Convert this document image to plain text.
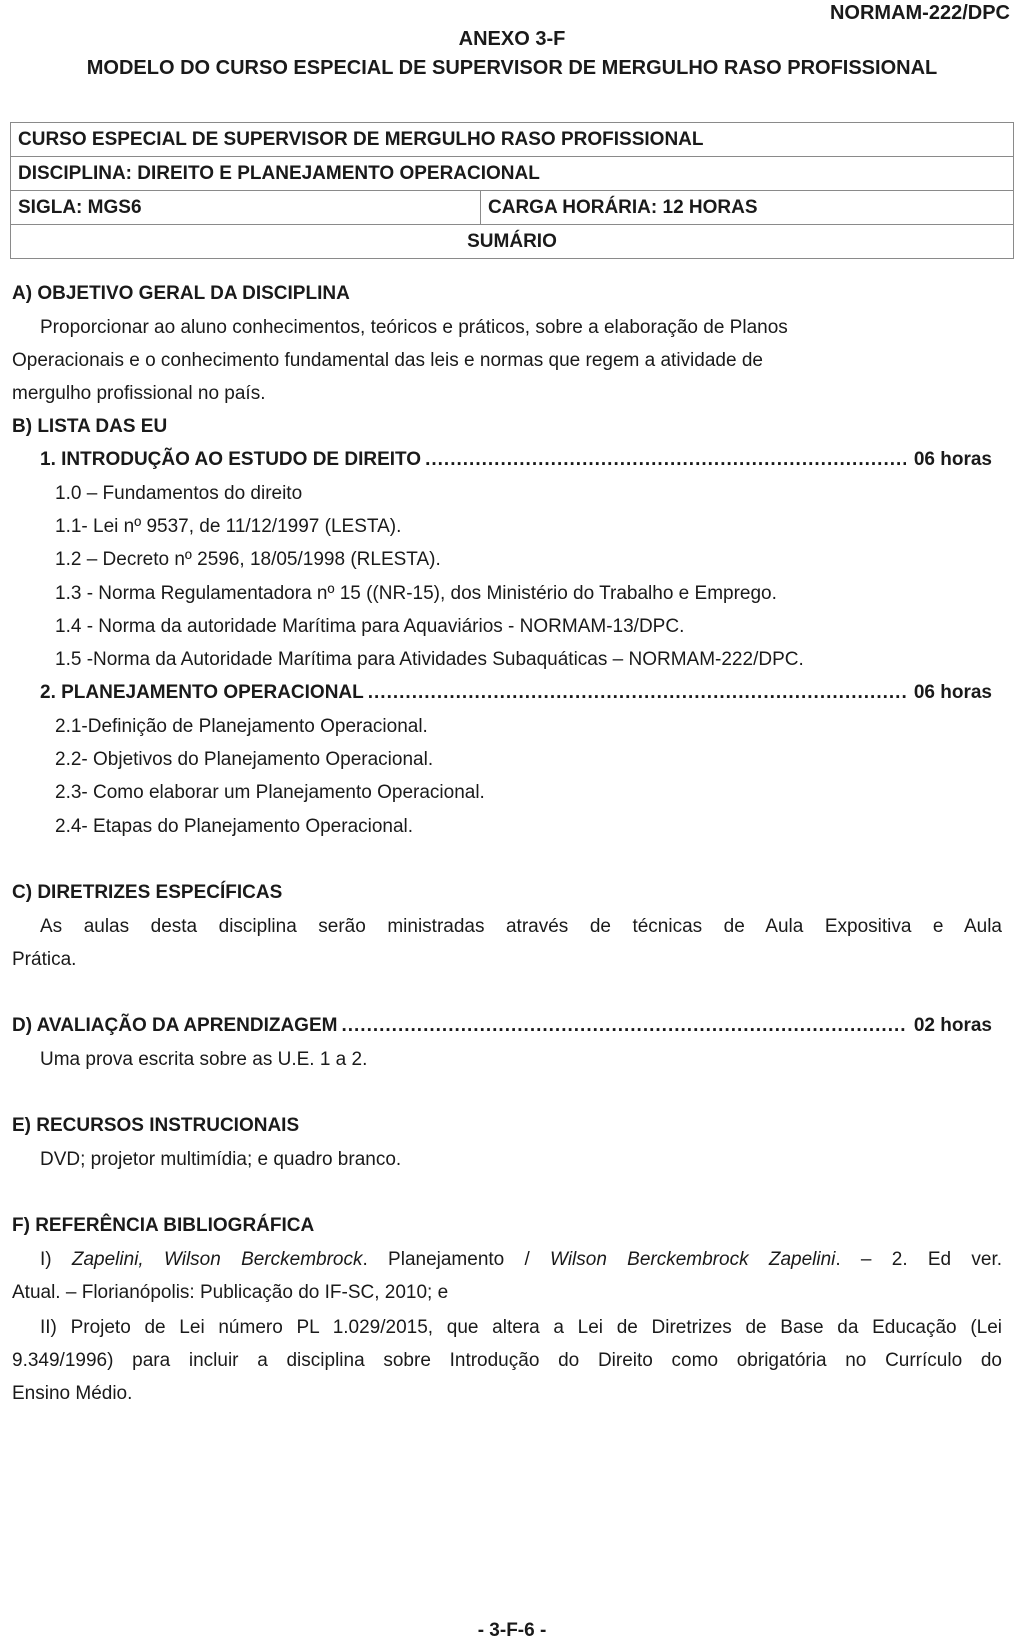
NORMAM-222/DPC
ANEXO 3-F
MODELO DO CURSO ESPECIAL DE SUPERVISOR DE MERGULHO RASO PROFISSIONAL
CURSO ESPECIAL DE SUPERVISOR DE MERGULHO RASO PROFISSIONAL
DISCIPLINA: DIREITO E PLANEJAMENTO OPERACIONAL
SIGLA: MGS6	CARGA HORÁRIA: 12 HORAS
SUMÁRIO
A) OBJETIVO GERAL DA DISCIPLINA
Proporcionar ao aluno conhecimentos, teóricos e práticos, sobre a elaboração de Planos
Operacionais e o conhecimento fundamental das leis e normas que regem a atividade de
mergulho profissional no país.
B) LISTA DAS EU
1. INTRODUÇÃO AO ESTUDO DE DIREITO .....	06 horas
1.0 – Fundamentos do direito
1.1- Lei nº 9537, de 11/12/1997 (LESTA).
1.2 – Decreto nº 2596, 18/05/1998 (RLESTA).
1.3 - Norma Regulamentadora nº 15 ((NR-15), dos Ministério do Trabalho e Emprego.
1.4 - Norma da autoridade Marítima para Aquaviários - NORMAM-13/DPC.
1.5 -Norma da Autoridade Marítima para Atividades Subaquáticas – NORMAM-222/DPC.
2. PLANEJAMENTO OPERACIONAL .....	06 horas
2.1-Definição de Planejamento Operacional.
2.2- Objetivos do Planejamento Operacional.
2.3- Como elaborar um Planejamento Operacional.
2.4- Etapas do Planejamento Operacional.
C) DIRETRIZES ESPECÍFICAS
As aulas desta disciplina serão ministradas através de técnicas de Aula Expositiva e Aula
Prática.
D) AVALIAÇÃO DA APRENDIZAGEM .....	02 horas
Uma prova escrita sobre as U.E. 1 a 2.
E) RECURSOS INSTRUCIONAIS
DVD; projetor multimídia; e quadro branco.
F) REFERÊNCIA BIBLIOGRÁFICA
I) Zapelini, Wilson Berckembrock. Planejamento / Wilson Berckembrock Zapelini. – 2. Ed ver.
Atual. – Florianópolis: Publicação do IF-SC, 2010; e
II) Projeto de Lei número PL 1.029/2015, que altera a Lei de Diretrizes de Base da Educação (Lei
9.349/1996) para incluir a disciplina sobre Introdução do Direito como obrigatória no Currículo do
Ensino Médio.
- 3-F-6 -
